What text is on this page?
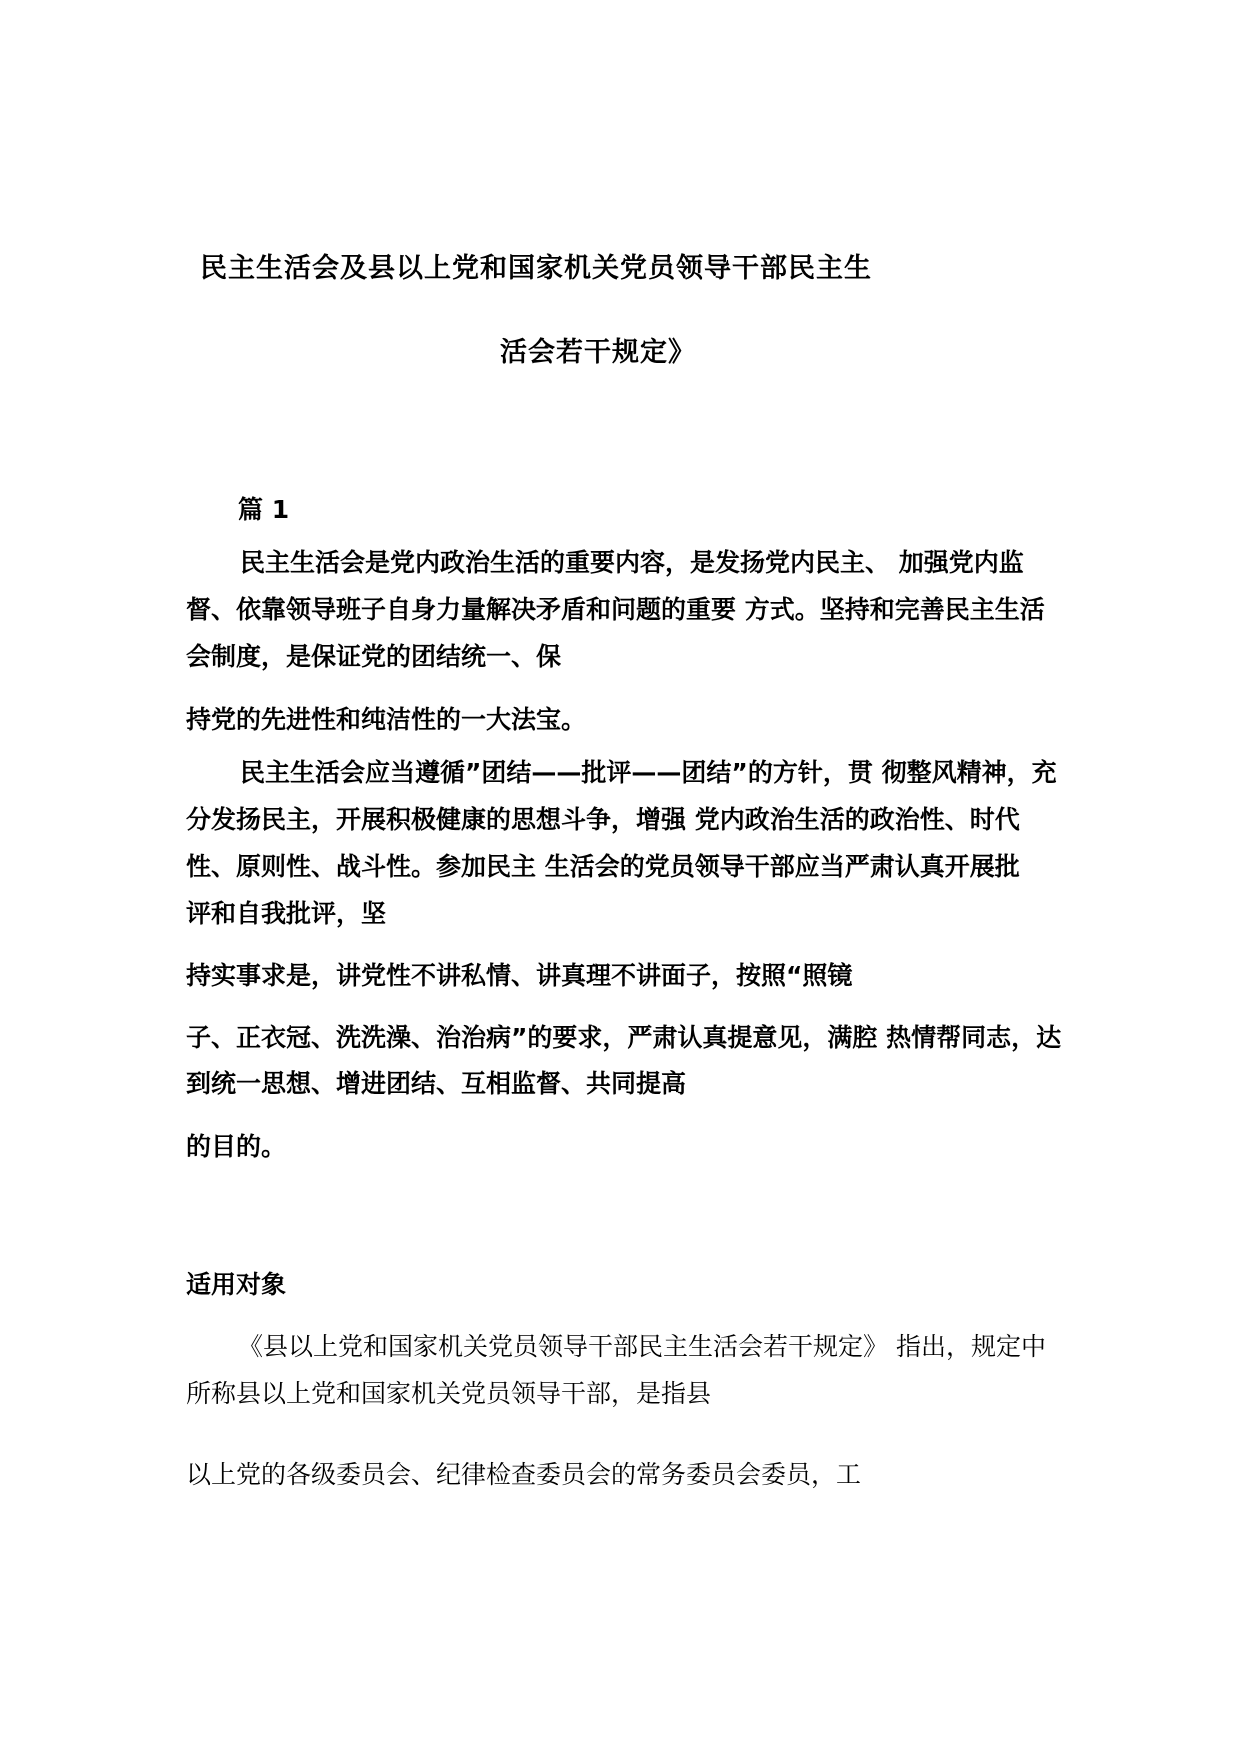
民主生活会及县以上党和国家机关党员领导干部民主生

活会若干规定》

篇 1

民主生活会是党内政治生活的重要内容，是发扬党内民主、 加强党内监

督、依靠领导班子自身力量解决矛盾和问题的重要 方式。坚持和完善民主生活

会制度，是保证党的团结统一、保

持党的先进性和纯洁性的一大法宝。

民主生活会应当遵循”团结——批评——团结”的方针，贯 彻整风精神，充

分发扬民主，开展积极健康的思想斗争，增强 党内政治生活的政治性、时代

性、原则性、战斗性。参加民主 生活会的党员领导干部应当严肃认真开展批

评和自我批评，坚

持实事求是，讲党性不讲私情、讲真理不讲面子，按照“照镜

子、正衣冠、洗洗澡、治治病”的要求，严肃认真提意见，满腔 热情帮同志，达

到统一思想、增进团结、互相监督、共同提高

的目的。

适用对象

《县以上党和国家机关党员领导干部民主生活会若干规定》 指出，规定中

所称县以上党和国家机关党员领导干部，是指县

以上党的各级委员会、纪律检查委员会的常务委员会委员，工
